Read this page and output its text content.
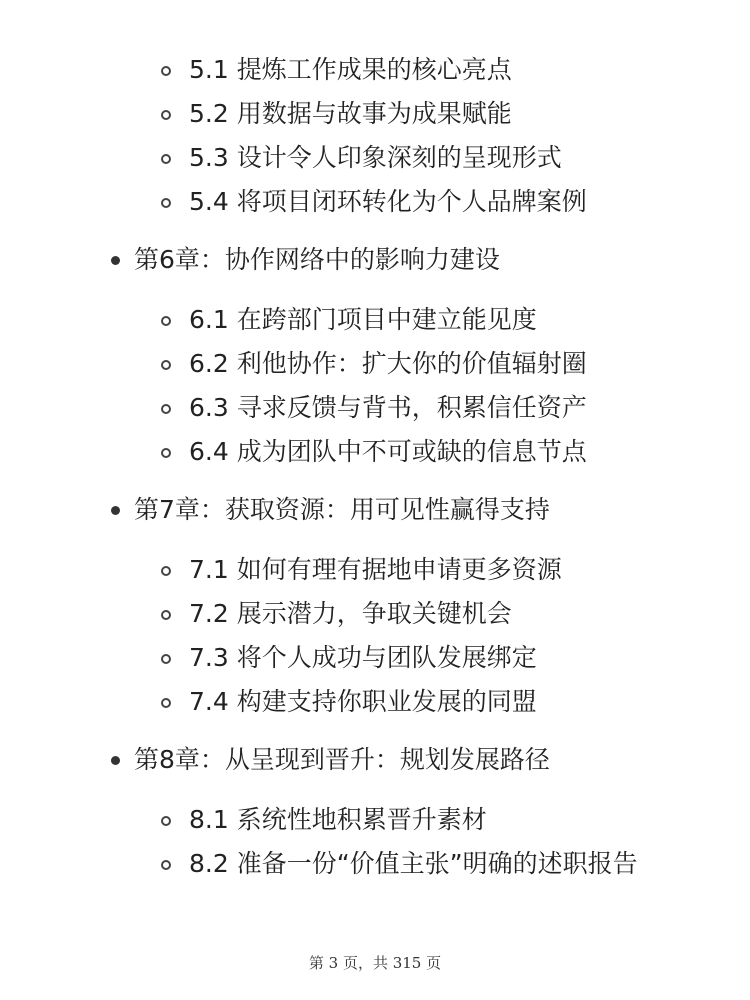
5.1 提炼工作成果的核心亮点
5.2 用数据与故事为成果赋能
5.3 设计令人印象深刻的呈现形式
5.4 将项目闭环转化为个人品牌案例
第6章：协作网络中的影响力建设
6.1 在跨部门项目中建立能见度
6.2 利他协作：扩大你的价值辐射圈
6.3 寻求反馈与背书，积累信任资产
6.4 成为团队中不可或缺的信息节点
第7章：获取资源：用可见性赢得支持
7.1 如何有理有据地申请更多资源
7.2 展示潜力，争取关键机会
7.3 将个人成功与团队发展绑定
7.4 构建支持你职业发展的同盟
第8章：从呈现到晋升：规划发展路径
8.1 系统性地积累晋升素材
8.2 准备一份“价值主张”明确的述职报告
第 3 页，共 315 页
